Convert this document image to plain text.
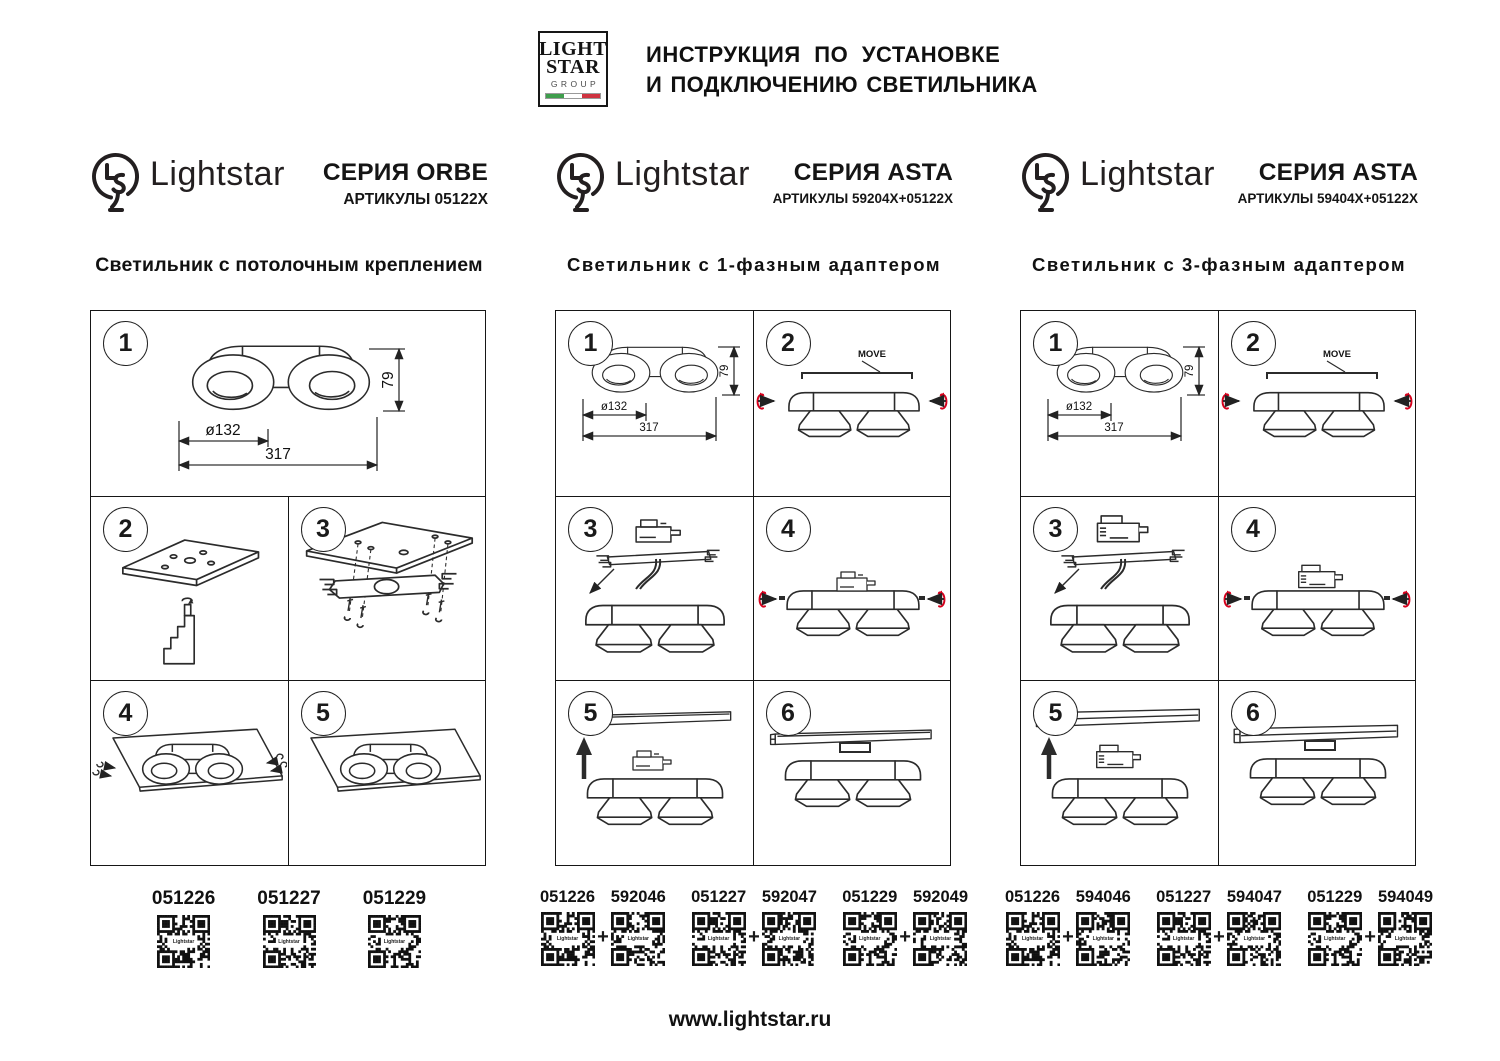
LIGHT
STAR
GROUP
ИНСТРУКЦИЯ ПО УСТАНОВКЕ
И ПОДКЛЮЧЕНИЮ СВЕТИЛЬНИКА
Lightstar СЕРИЯ ORBE
АРТИКУЛЫ 05122X
Светильник с потолочным креплением
1
ø132
317
79
2	3
4	5
051226
Lightstar
051227
Lightstar
051229
Lightstar
Lightstar	СЕРИЯ ASTA
АРТИКУЛЫ 59204X+05122X
Светильник с 1-фазным адаптером
1
ø132
317
79
2	MOVE
3	4
5	6
051226
Lightstar +
592046
Lightstar
051227
Lightstar +
592047
Lightstar
051229
Lightstar +
592049
Lightstar
Lightstar	СЕРИЯ ASTA
АРТИКУЛЫ 59404X+05122X
Светильник с 3-фазным адаптером
1
ø132
317
79
2	MOVE
3	4
5	6
051226
Lightstar +
594046
Lightstar
051227
Lightstar +
594047
Lightstar
051229
Lightstar +
594049
Lightstar
www.lightstar.ru
